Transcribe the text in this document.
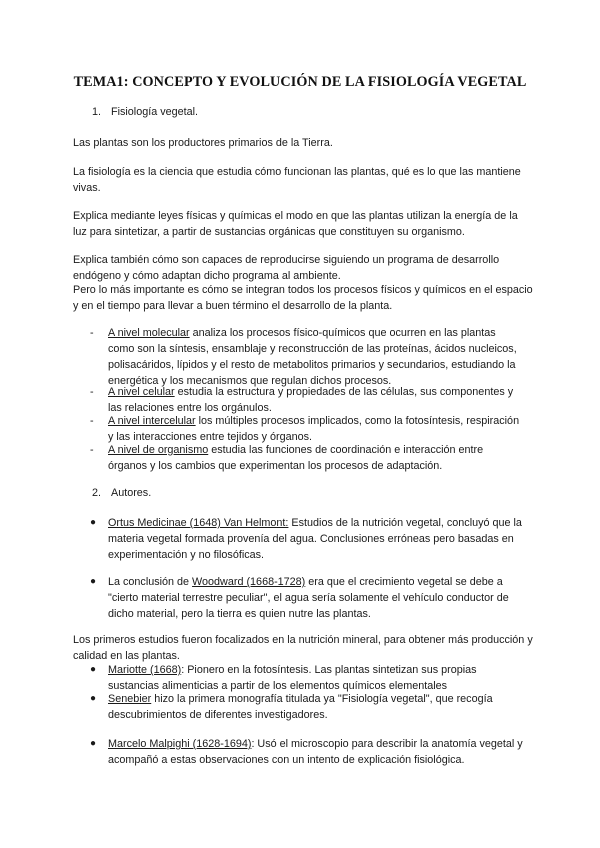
TEMA1: CONCEPTO Y EVOLUCIÓN DE LA FISIOLOGÍA VEGETAL
1. Fisiología vegetal.
Las plantas son los productores primarios de la Tierra.
La fisiología es la ciencia que estudia cómo funcionan las plantas, qué es lo que las mantiene vivas.
Explica mediante leyes físicas y químicas el modo en que las plantas utilizan la energía de la luz para sintetizar, a partir de sustancias orgánicas que constituyen su organismo.
Explica también cómo son capaces de reproducirse siguiendo un programa de desarrollo endógeno y cómo adaptan dicho programa al ambiente.
Pero lo más importante es cómo se integran todos los procesos físicos y químicos en el espacio y en el tiempo para llevar a buen término el desarrollo de la planta.
- A nivel molecular analiza los procesos físico-químicos que ocurren en las plantas como son la síntesis, ensamblaje y reconstrucción de las proteínas, ácidos nucleicos, polisacáridos, lípidos y el resto de metabolitos primarios y secundarios, estudiando la energética y los mecanismos que regulan dichos procesos.
- A nivel celular estudia la estructura y propiedades de las células, sus componentes y las relaciones entre los orgánulos.
- A nivel intercelular los múltiples procesos implicados, como la fotosíntesis, respiración y las interacciones entre tejidos y órganos.
- A nivel de organismo estudia las funciones de coordinación e interacción entre órganos y los cambios que experimentan los procesos de adaptación.
2. Autores.
● Ortus Medicinae (1648) Van Helmont: Estudios de la nutrición vegetal, concluyó que la materia vegetal formada provenía del agua. Conclusiones erróneas pero basadas en experimentación y no filosóficas.
● La conclusión de Woodward (1668-1728) era que el crecimiento vegetal se debe a "cierto material terrestre peculiar", el agua sería solamente el vehículo conductor de dicho material, pero la tierra es quien nutre las plantas.
Los primeros estudios fueron focalizados en la nutrición mineral, para obtener más producción y calidad en las plantas.
● Mariotte (1668): Pionero en la fotosíntesis. Las plantas sintetizan sus propias sustancias alimenticias a partir de los elementos químicos elementales
● Senebier hizo la primera monografía titulada ya "Fisiología vegetal", que recogía descubrimientos de diferentes investigadores.
● Marcelo Malpighi (1628-1694): Usó el microscopio para describir la anatomía vegetal y acompañó a estas observaciones con un intento de explicación fisiológica.
